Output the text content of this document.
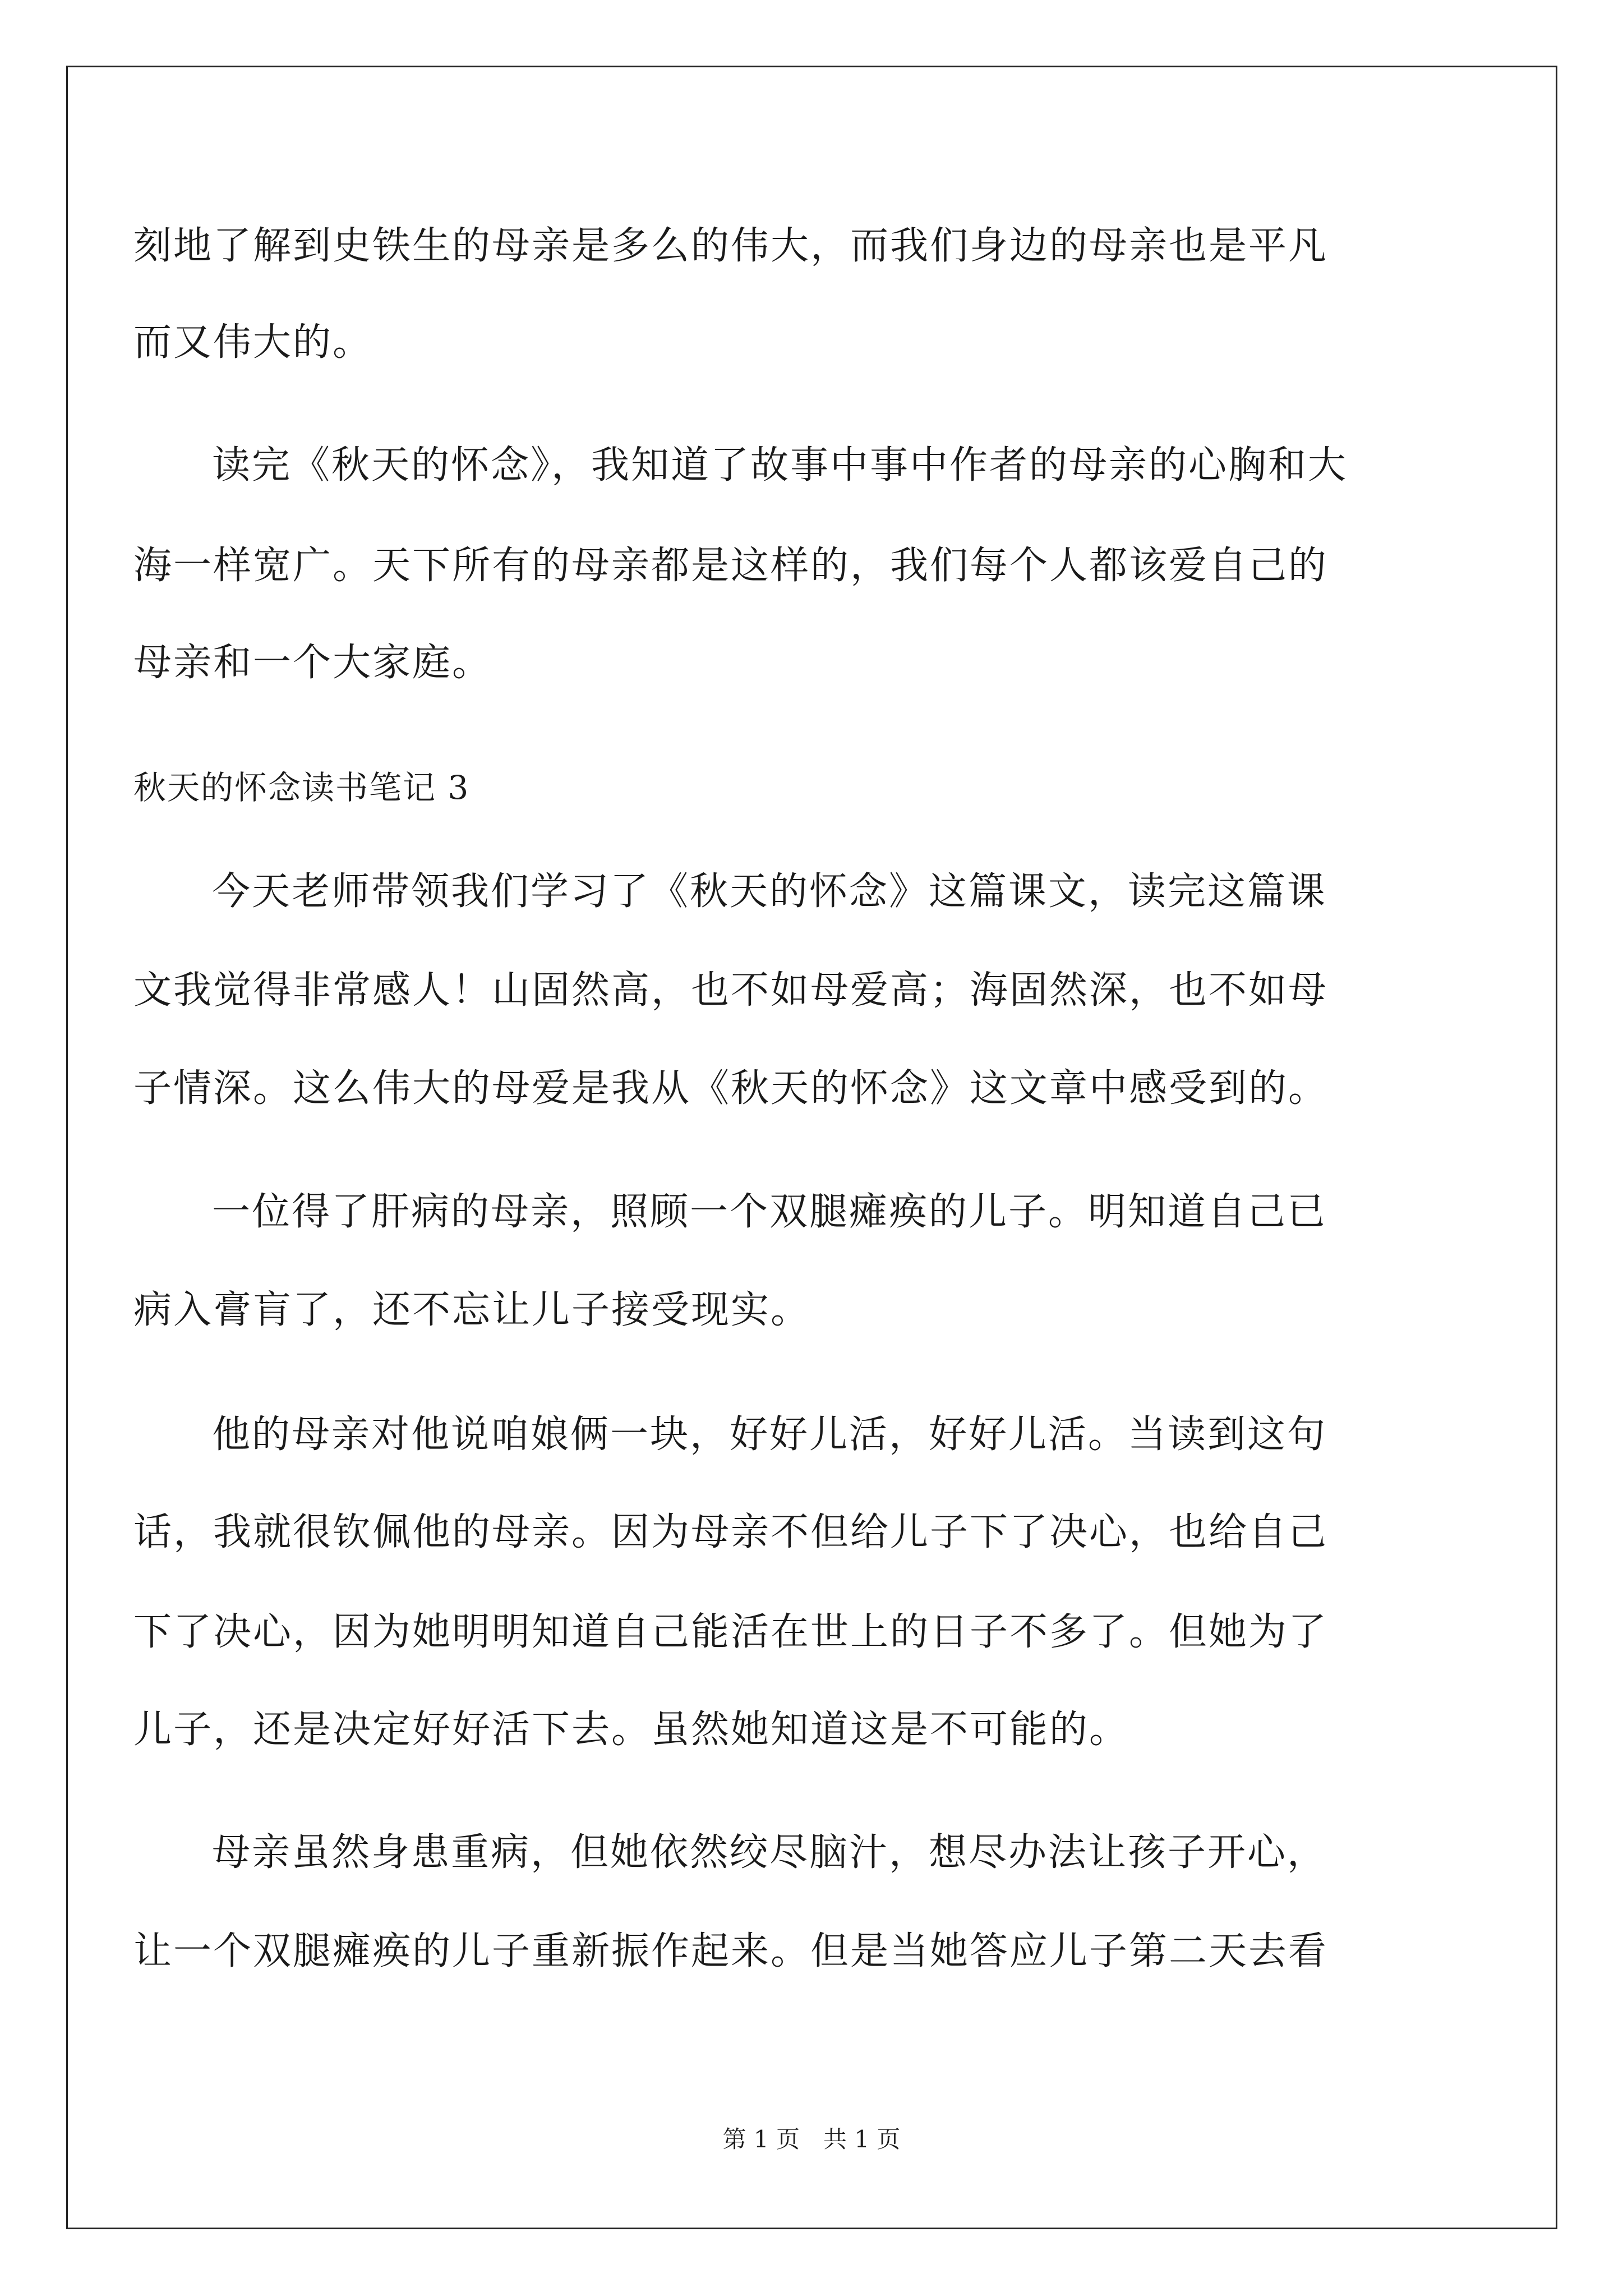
刻地了解到史铁生的母亲是多么的伟大，而我们身边的母亲也是平凡
而又伟大的。
读完《秋天的怀念》，我知道了故事中事中作者的母亲的心胸和大
海一样宽广。天下所有的母亲都是这样的，我们每个人都该爱自己的
母亲和一个大家庭。
秋天的怀念读书笔记 3
今天老师带领我们学习了《秋天的怀念》这篇课文，读完这篇课
文我觉得非常感人！山固然高，也不如母爱高；海固然深，也不如母
子情深。这么伟大的母爱是我从《秋天的怀念》这文章中感受到的。
一位得了肝病的母亲，照顾一个双腿瘫痪的儿子。明知道自己已
病入膏肓了，还不忘让儿子接受现实。
他的母亲对他说咱娘俩一块，好好儿活，好好儿活。当读到这句
话，我就很钦佩他的母亲。因为母亲不但给儿子下了决心，也给自己
下了决心，因为她明明知道自己能活在世上的日子不多了。但她为了
儿子，还是决定好好活下去。虽然她知道这是不可能的。
母亲虽然身患重病，但她依然绞尽脑汁，想尽办法让孩子开心，
让一个双腿瘫痪的儿子重新振作起来。但是当她答应儿子第二天去看
第 1 页　共 1 页
